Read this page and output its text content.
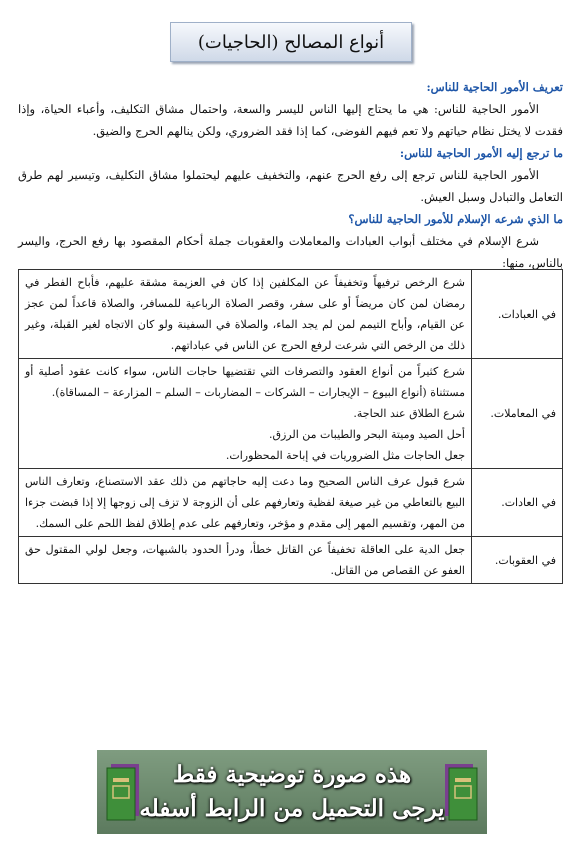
أنواع المصالح (الحاجيات)

تعريف الأمور الحاجية للناس:

الأمور الحاجية للناس: هي ما يحتاج إليها الناس لليسر والسعة، واحتمال مشاق التكليف، وأعباء الحياة، وإذا فقدت لا يختل نظام حياتهم ولا تعم فيهم الفوضى، كما إذا فقد الضروري، ولكن ينالهم الحرج والضيق.

ما ترجع إليه الأمور الحاجية للناس:

الأمور الحاجية للناس ترجع إلى رفع الحرج عنهم، والتخفيف عليهم ليحتملوا مشاق التكليف، وتيسير لهم طرق التعامل والتبادل وسبل العيش.

ما الذي شرعه الإسلام للأمور الحاجية للناس؟

شرع الإسلام في مختلف أبواب العبادات والمعاملات والعقوبات جملة أحكام المقصود بها رفع الحرج، واليسر بالناس، منها:

في العبادات.	شرع الرخص ترفيهاً وتخفيفاً عن المكلفين إذا كان في العزيمة مشقة عليهم، فأباح الفطر في رمضان لمن كان مريضاً أو على سفر، وقصر الصلاة الرباعية للمسافر، والصلاة قاعداً لمن عجز عن القيام، وأباح التيمم لمن لم يجد الماء، والصلاة في السفينة ولو كان الاتجاه لغير القبلة، وغير ذلك من الرخص التي شرعت لرفع الحرج عن الناس في عباداتهم.

في المعاملات.	شرع كثيراً من أنواع العقود والتصرفات التي تقتضيها حاجات الناس، سواء كانت عقود أصلية أو مستثناة (أنواع البيوع – الإيجارات – الشركات – المضاربات – السلم – المزارعة – المساقاة).
شرع الطلاق عند الحاجة.
أحل الصيد وميتة البحر والطيبات من الرزق.
جعل الحاجات مثل الضروريات في إباحة المحظورات.

في العادات.	شرع قبول عرف الناس الصحيح وما دعت إليه حاجاتهم من ذلك عقد الاستصناع، وتعارف الناس البيع بالتعاطي من غير صيغة لفظية وتعارفهم على أن الزوجة لا تزف إلى زوجها إلا إذا قبضت جزءا من المهر، وتقسيم المهر إلى مقدم و مؤخر، وتعارفهم على عدم إطلاق لفظ اللحم على السمك.

في العقوبات.	جعل الدية على العاقلة تخفيفاً عن القاتل خطأ، ودرأ الحدود بالشبهات، وجعل لولي المقتول حق العفو عن القصاص من القاتل.
هذه صورة توضيحية فقط
يرجى التحميل من الرابط أسفله
